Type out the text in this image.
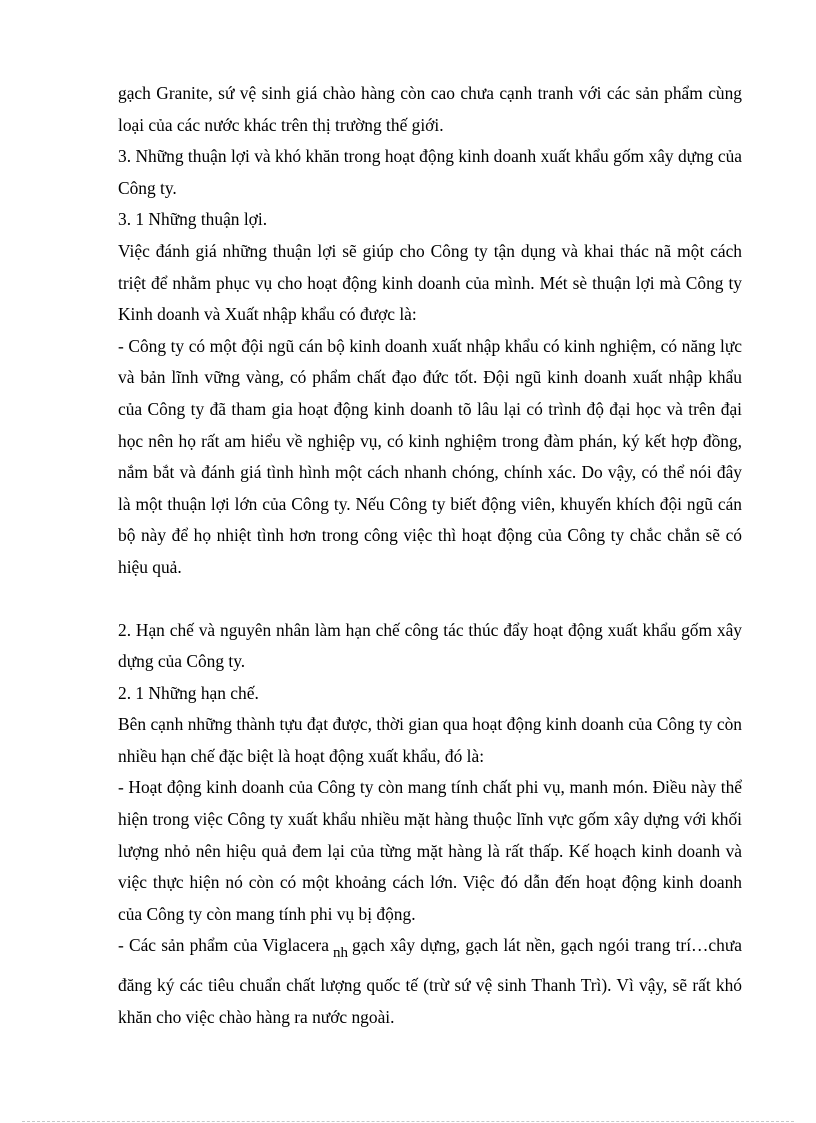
gạch Granite, sứ vệ sinh giá chào hàng còn cao chưa cạnh tranh với các sản phẩm cùng loại của các nước khác trên thị trường thế giới.

3. Những thuận lợi và khó khăn trong hoạt động kinh doanh xuất khẩu gốm xây dựng của Công ty.

3. 1 Những thuận lợi.

Việc đánh giá những thuận lợi sẽ giúp cho Công ty tận dụng và khai thác nã một cách triệt để nhằm phục vụ cho hoạt động kinh doanh của mình. Mét sè thuận lợi mà Công ty Kinh doanh và Xuất nhập khẩu có được là:

- Công ty có một đội ngũ cán bộ kinh doanh xuất nhập khẩu có kinh nghiệm, có năng lực và bản lĩnh vững vàng, có phẩm chất đạo đức tốt. Đội ngũ kinh doanh xuất nhập khẩu của Công ty đã tham gia hoạt động kinh doanh tõ lâu lại có trình độ đại học và trên đại học nên họ rất am hiểu về nghiệp vụ, có kinh nghiệm trong đàm phán, ký kết hợp đồng, nắm bắt và đánh giá tình hình một cách nhanh chóng, chính xác. Do vậy, có thể nói đây là một thuận lợi lớn của Công ty. Nếu Công ty biết động viên, khuyến khích đội ngũ cán bộ này để họ nhiệt tình hơn trong công việc thì hoạt động của Công ty chắc chắn sẽ có hiệu quả.

2. Hạn chế và nguyên nhân làm hạn chế công tác thúc đẩy hoạt động xuất khẩu gốm xây dựng của Công ty.

2. 1 Những hạn chế.

Bên cạnh những thành tựu đạt được, thời gian qua hoạt động kinh doanh của Công ty còn nhiều hạn chế đặc biệt là hoạt động xuất khẩu, đó là:

- Hoạt động kinh doanh của Công ty còn mang tính chất phi vụ, manh món. Điều này thể hiện trong việc Công ty xuất khẩu nhiều mặt hàng thuộc lĩnh vực gốm xây dựng với khối lượng nhỏ nên hiệu quả đem lại của từng mặt hàng là rất thấp. Kế hoạch kinh doanh và việc thực hiện nó còn có một khoảng cách lớn. Việc đó dẫn đến hoạt động kinh doanh của Công ty còn mang tính phi vụ bị động.

- Các sản phẩm của Viglacera nh gạch xây dựng, gạch lát nền, gạch ngói trang trí…chưa đăng ký các tiêu chuẩn chất lượng quốc tế (trừ sứ vệ sinh Thanh Trì). Vì vậy, sẽ rất khó khăn cho việc chào hàng ra nước ngoài.
